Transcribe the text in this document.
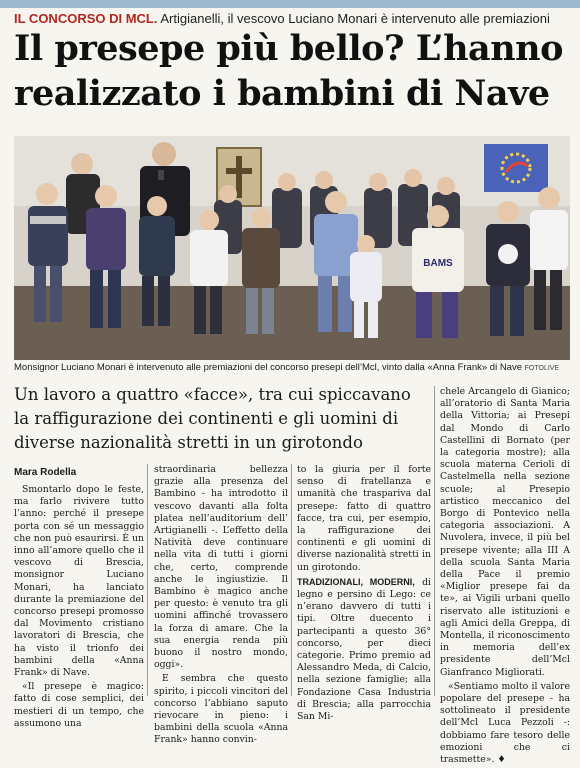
IL CONCORSO DI MCL. Artigianelli, il vescovo Luciano Monari è intervenuto alle premiazioni
Il presepe più bello? L’hanno realizzato i bambini di Nave
BAMS
Monsignor Luciano Monari è intervenuto alle premiazioni del concorso presepi dell’Mcl, vinto dalla «Anna Frank» di Nave FOTOLIVE
Un lavoro a quattro «facce», tra cui spiccavano la raffigurazione dei continenti e gli uomini di diverse nazionalità stretti in un girotondo
Mara Rodella

Smontarlo dopo le feste, ma farlo rivivere tutto l’anno: perché il presepe porta con sé un messaggio che non può esaurirsi. È un inno all’amore quello che il vescovo di Brescia, monsignor Luciano Monari, ha lanciato durante la premiazione del concorso presepi promosso dal Movimento cristiano lavoratori di Brescia, che ha visto il trionfo dei bambini della «Anna Frank» di Nave.

«Il presepe è magico: fatto di cose semplici, dei mestieri di un tempo, che assumono una

straordinaria bellezza grazie alla presenza del Bambino - ha introdotto il vescovo davanti alla folta platea nell’auditorium dell’ Artigianelli -. L’effetto della Natività deve continuare nella vita di tutti i giorni che, certo, comprende anche le ingiustizie. Il Bambino è magico anche per questo: è venuto tra gli uomini affinché trovassero la forza di amare. Che la sua energia renda più buono il nostro mondo, oggi».

E sembra che questo spirito, i piccoli vincitori del concorso l’abbiano saputo rievocare in pieno: i bambini della scuola «Anna Frank» hanno convin-

to la giuria per il forte senso di fratellanza e umanità che traspariva dal presepe: fatto di quattro facce, tra cui, per esempio, la raffigurazione dei continenti e gli uomini di diverse nazionalità stretti in un girotondo.

TRADIZIONALI, MODERNI, di legno e persino di Lego: ce n’erano davvero di tutti i tipi. Oltre duecento i partecipanti a questo 36° concorso, per dieci categorie. Primo premio ad Alessandro Meda, di Calcio, nella sezione famiglie; alla Fondazione Casa Industria di Brescia; alla parrocchia San Mi-

chele Arcangelo di Gianico; all’oratorio di Santa Maria della Vittoria; ai Presepi dal Mondo di Carlo Castellini di Bornato (per la categoria mostre); alla scuola materna Cerioli di Castelmella nella sezione scuole; al Presepio artistico meccanico del Borgo di Pontevico nella categoria associazioni. A Nuvolera, invece, il più bel presepe vivente; alla III A della scuola Santa Maria della Pace il premio «Miglior presepe fai da te», ai Vigili urbani quello riservato alle istituzioni e agli Amici della Greppa, di Montella, il riconoscimento in memoria dell’ex presidente dell’Mcl Gianfranco Migliorati.

«Sentiamo molto il valore popolare del presepe - ha sottolineato il presidente dell’Mcl Luca Pezzoli -: dobbiamo fare tesoro delle emozioni che ci trasmette». ♦
